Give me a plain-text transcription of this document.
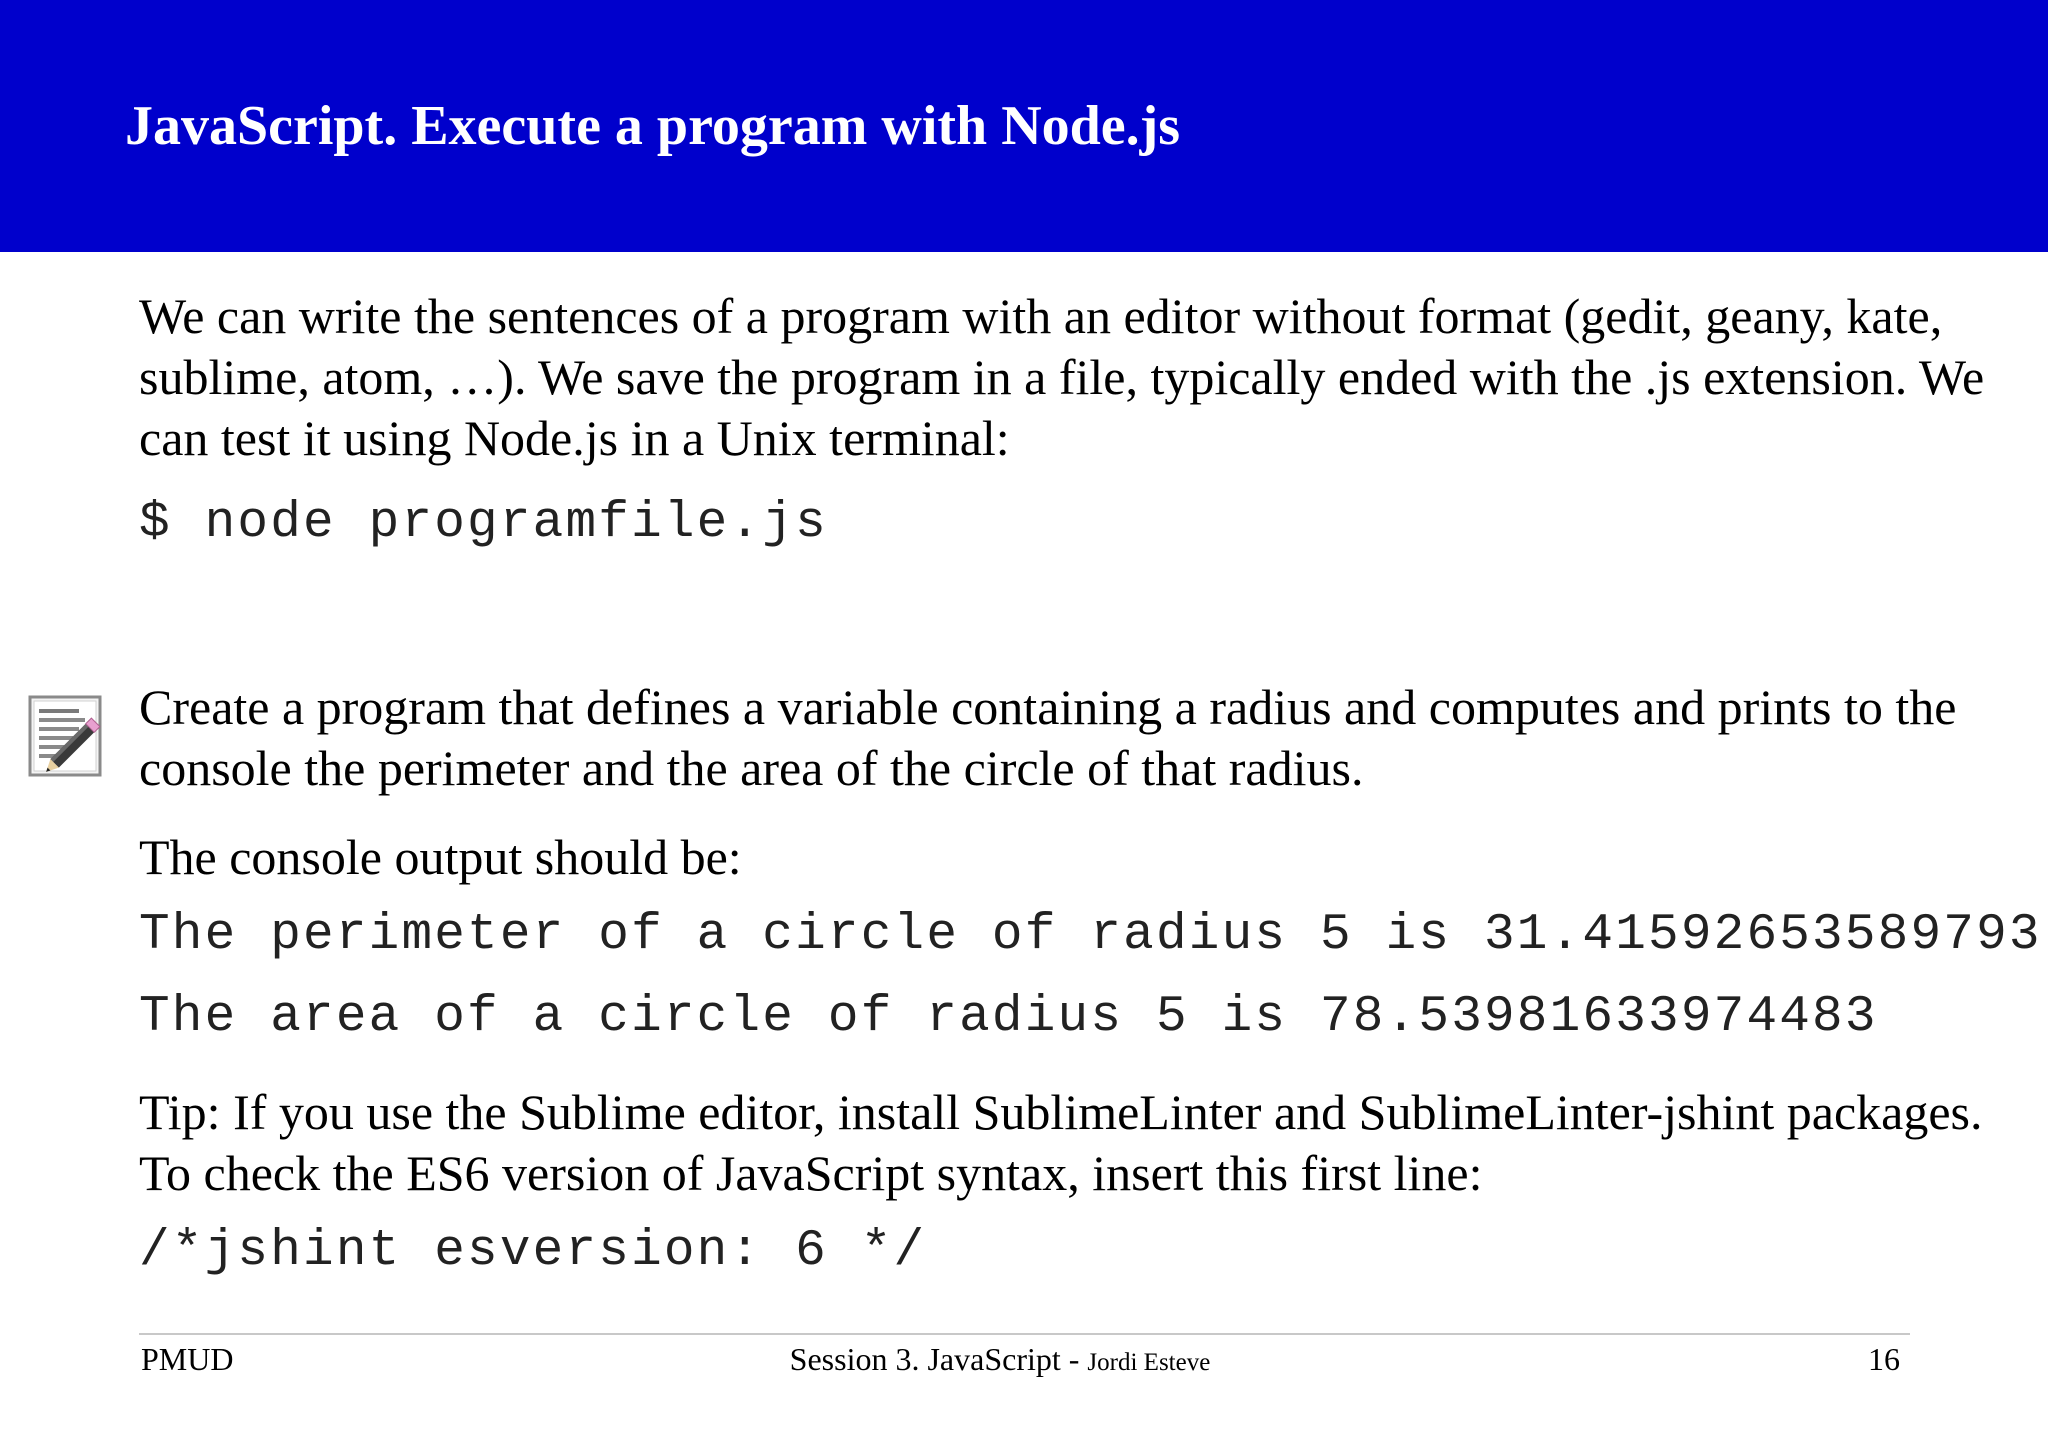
JavaScript. Execute a program with Node.js

We can write the sentences of a program with an editor without format (gedit, geany, kate, sublime, atom, …). We save the program in a file, typically ended with the .js extension. We can test it using Node.js in a Unix terminal:

$ node programfile.js

Create a program that defines a variable containing a radius and computes and prints to the console the perimeter and the area of the circle of that radius.

The console output should be:

The perimeter of a circle of radius 5 is 31.41592653589793

The area of a circle of radius 5 is 78.53981633974483

Tip: If you use the Sublime editor, install SublimeLinter and SublimeLinter-jshint packages. To check the ES6 version of JavaScript syntax, insert this first line:

/*jshint esversion: 6 */

PMUD	Session 3. JavaScript - Jordi Esteve	16
